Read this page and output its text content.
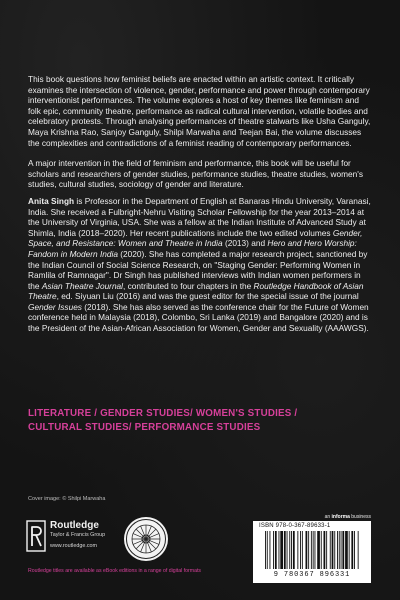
This book questions how feminist beliefs are enacted within an artistic context. It critically examines the intersection of violence, gender, performance and power through contemporary interventionist performances. The volume explores a host of key themes like feminism and folk epic, community theatre, performance as radical cultural intervention, volatile bodies and celebratory protests. Through analysing performances of theatre stalwarts like Usha Ganguly, Maya Krishna Rao, Sanjoy Ganguly, Shilpi Marwaha and Teejan Bai, the volume discusses the complexities and contradictions of a feminist reading of contemporary performances.

A major intervention in the field of feminism and performance, this book will be useful for scholars and researchers of gender studies, performance studies, theatre studies, women's studies, cultural studies, sociology of gender and literature.

Anita Singh is Professor in the Department of English at Banaras Hindu University, Varanasi, India. She received a Fulbright-Nehru Visiting Scholar Fellowship for the year 2013–2014 at the University of Virginia, USA. She was a fellow at the Indian Institute of Advanced Study at Shimla, India (2018–2020). Her recent publications include the two edited volumes Gender, Space, and Resistance: Women and Theatre in India (2013) and Hero and Hero Worship: Fandom in Modern India (2020). She has completed a major research project, sanctioned by the Indian Council of Social Science Research, on "Staging Gender: Performing Women in Ramlila of Ramnagar". Dr Singh has published interviews with Indian women performers in the Asian Theatre Journal, contributed to four chapters in the Routledge Handbook of Asian Theatre, ed. Siyuan Liu (2016) and was the guest editor for the special issue of the journal Gender Issues (2018). She has also served as the conference chair for the Future of Women conference held in Malaysia (2018), Colombo, Sri Lanka (2019) and Bangalore (2020) and is the President of the Asian-African Association for Women, Gender and Sexuality (AAAWGS).

LITERATURE / GENDER STUDIES/ WOMEN'S STUDIES /
CULTURAL STUDIES/ PERFORMANCE STUDIES
Cover image: © Shilpi Marwaha
Routledge
Taylor & Francis Group
www.routledge.com
an informa business
ISBN 978-0-367-89633-1
9 780367 896331
Routledge titles are available as eBook editions in a range of digital formats
